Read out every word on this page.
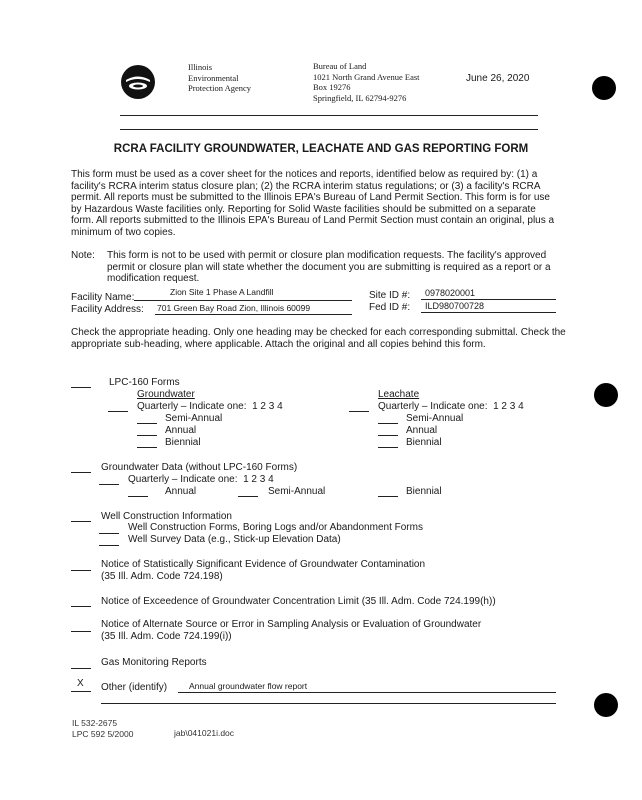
Illinois
Environmental
Protection Agency
Bureau of Land
1021 North Grand Avenue East
Box 19276
Springfield, IL 62794-9276
June 26, 2020
RCRA FACILITY GROUNDWATER, LEACHATE AND GAS REPORTING FORM
This form must be used as a cover sheet for the notices and reports, identified below as required by: (1) a facility's RCRA interim status closure plan; (2) the RCRA interim status regulations; or (3) a facility's RCRA permit. All reports must be submitted to the Illinois EPA's Bureau of Land Permit Section. This form is for use by Hazardous Waste facilities only. Reporting for Solid Waste facilities should be submitted on a separate form. All reports submitted to the Illinois EPA's Bureau of Land Permit Section must contain an original, plus a minimum of two copies.
Note: This form is not to be used with permit or closure plan modification requests. The facility's approved permit or closure plan will state whether the document you are submitting is required as a report or a modification request.
Facility Name:	Zion Site 1 Phase A Landfill
Facility Address: 701 Green Bay Road Zion, Illinois 60099
Site ID #: 0978020001
Fed ID #: ILD980700728
Check the appropriate heading. Only one heading may be checked for each corresponding submittal. Check the appropriate sub-heading, where applicable. Attach the original and all copies behind this form.
LPC-160 Forms
Groundwater
Quarterly – Indicate one: 1 2 3 4
Semi-Annual
Annual
Biennial
Leachate
Quarterly – Indicate one: 1 2 3 4
Semi-Annual
Annual
Biennial
Groundwater Data (without LPC-160 Forms)
Quarterly – Indicate one: 1 2 3 4
Annual	Semi-Annual	Biennial
Well Construction Information
Well Construction Forms, Boring Logs and/or Abandonment Forms
Well Survey Data (e.g., Stick-up Elevation Data)
Notice of Statistically Significant Evidence of Groundwater Contamination
(35 Ill. Adm. Code 724.198)
Notice of Exceedence of Groundwater Concentration Limit (35 Ill. Adm. Code 724.199(h))
Notice of Alternate Source or Error in Sampling Analysis or Evaluation of Groundwater
(35 Ill. Adm. Code 724.199(i))
Gas Monitoring Reports
X Other (identify)	Annual groundwater flow report
IL 532-2675
LPC 592 5/2000	jab\041021i.doc
